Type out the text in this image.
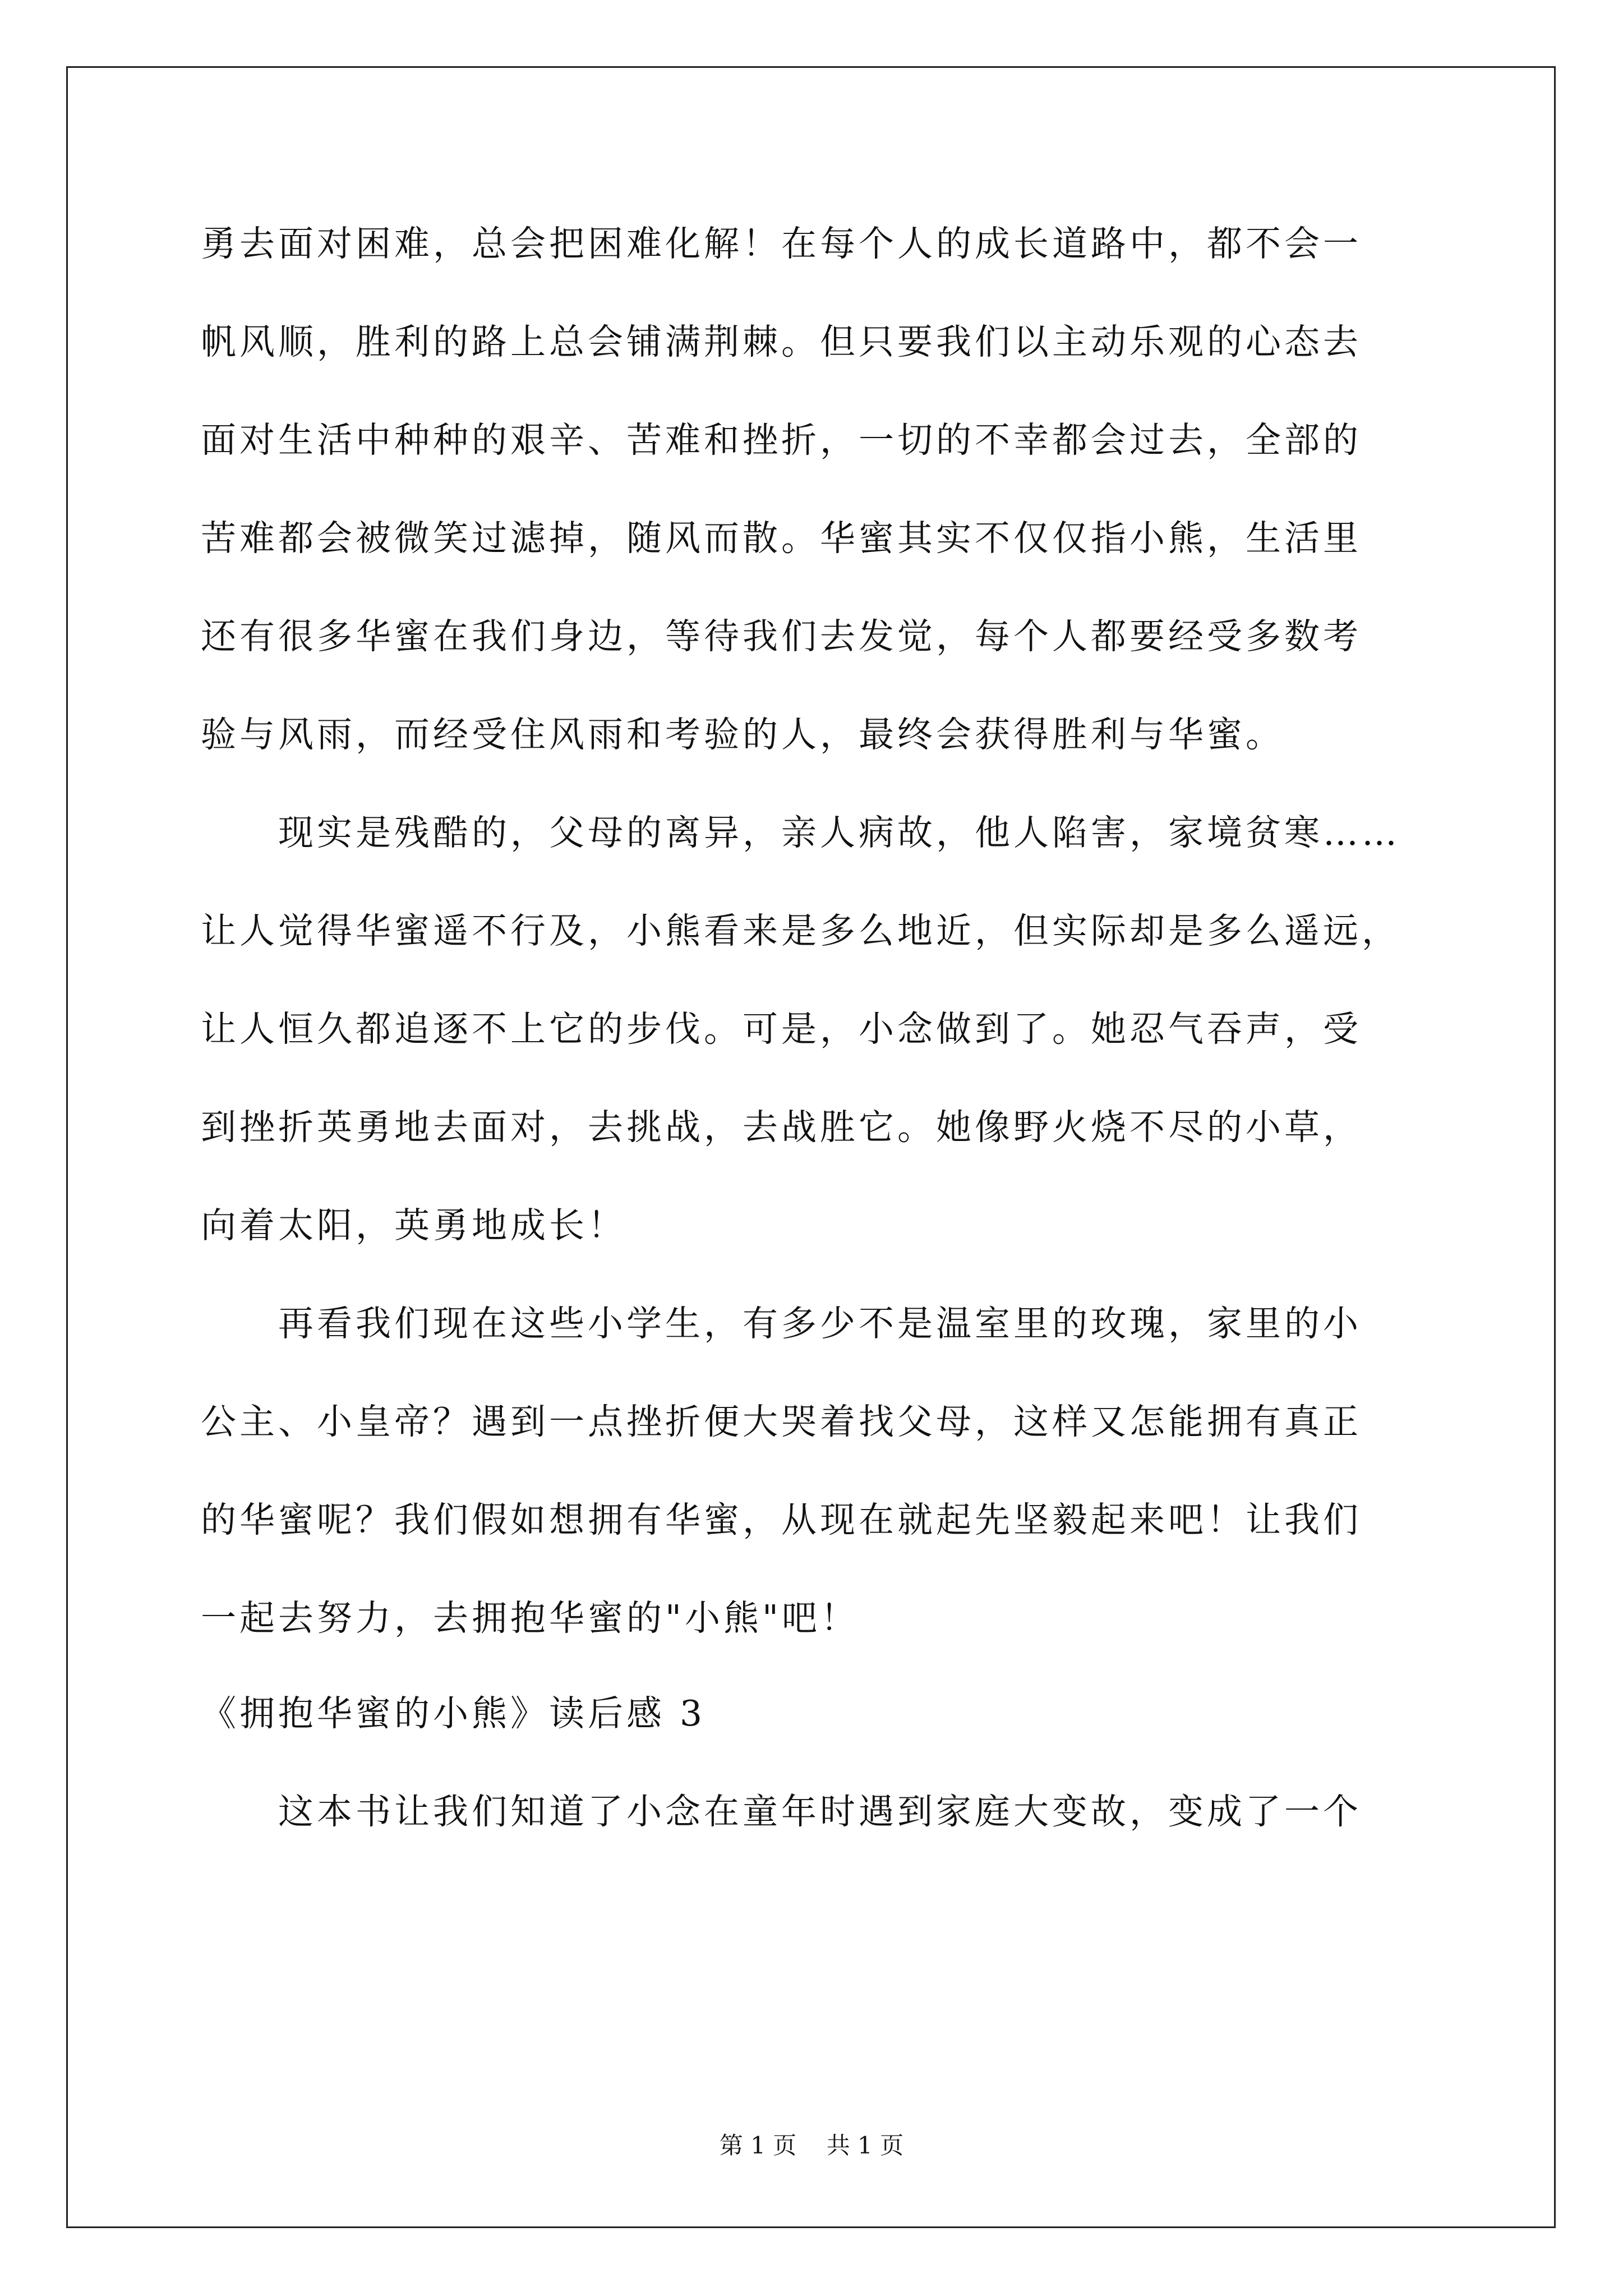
勇去面对困难，总会把困难化解！在每个人的成长道路中，都不会一
帆风顺，胜利的路上总会铺满荆棘。但只要我们以主动乐观的心态去
面对生活中种种的艰辛、苦难和挫折，一切的不幸都会过去，全部的
苦难都会被微笑过滤掉，随风而散。华蜜其实不仅仅指小熊，生活里
还有很多华蜜在我们身边，等待我们去发觉，每个人都要经受多数考
验与风雨，而经受住风雨和考验的人，最终会获得胜利与华蜜。
　　现实是残酷的，父母的离异，亲人病故，他人陷害，家境贫寒……
让人觉得华蜜遥不行及，小熊看来是多么地近，但实际却是多么遥远，
让人恒久都追逐不上它的步伐。可是，小念做到了。她忍气吞声，受
到挫折英勇地去面对，去挑战，去战胜它。她像野火烧不尽的小草，
向着太阳，英勇地成长！
　　再看我们现在这些小学生，有多少不是温室里的玫瑰，家里的小
公主、小皇帝？遇到一点挫折便大哭着找父母，这样又怎能拥有真正
的华蜜呢？我们假如想拥有华蜜，从现在就起先坚毅起来吧！让我们
一起去努力，去拥抱华蜜的"小熊"吧！
《拥抱华蜜的小熊》读后感 3
　　这本书让我们知道了小念在童年时遇到家庭大变故，变成了一个
第 1 页    共 1 页
